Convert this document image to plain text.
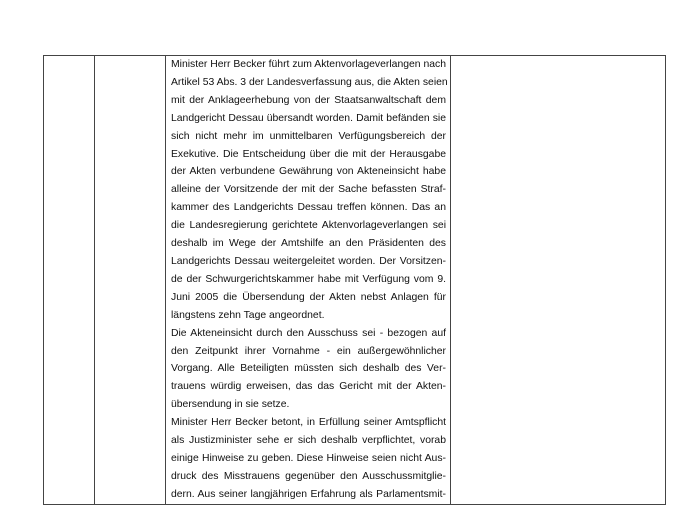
Minister Herr Becker führt zum Aktenvorlageverlangen nach
Artikel 53 Abs. 3 der Landesverfassung aus, die Akten seien
mit der Anklageerhebung von der Staatsanwaltschaft dem
Landgericht Dessau übersandt worden. Damit befänden sie
sich nicht mehr im unmittelbaren Verfügungsbereich der
Exekutive. Die Entscheidung über die mit der Herausgabe
der Akten verbundene Gewährung von Akteneinsicht habe
alleine der Vorsitzende der mit der Sache befassten Straf-
kammer des Landgerichts Dessau treffen können. Das an
die Landesregierung gerichtete Aktenvorlageverlangen sei
deshalb im Wege der Amtshilfe an den Präsidenten des
Landgerichts Dessau weitergeleitet worden. Der Vorsitzen-
de der Schwurgerichtskammer habe mit Verfügung vom 9.
Juni 2005 die Übersendung der Akten nebst Anlagen für
längstens zehn Tage angeordnet.
Die Akteneinsicht durch den Ausschuss sei - bezogen auf
den Zeitpunkt ihrer Vornahme - ein außergewöhnlicher
Vorgang. Alle Beteiligten müssten sich deshalb des Ver-
trauens würdig erweisen, das das Gericht mit der Akten-
übersendung in sie setze.
Minister Herr Becker betont, in Erfüllung seiner Amtspflicht
als Justizminister sehe er sich deshalb verpflichtet, vorab
einige Hinweise zu geben. Diese Hinweise seien nicht Aus-
druck des Misstrauens gegenüber den Ausschussmitglie-
dern. Aus seiner langjährigen Erfahrung als Parlamentsmit-
